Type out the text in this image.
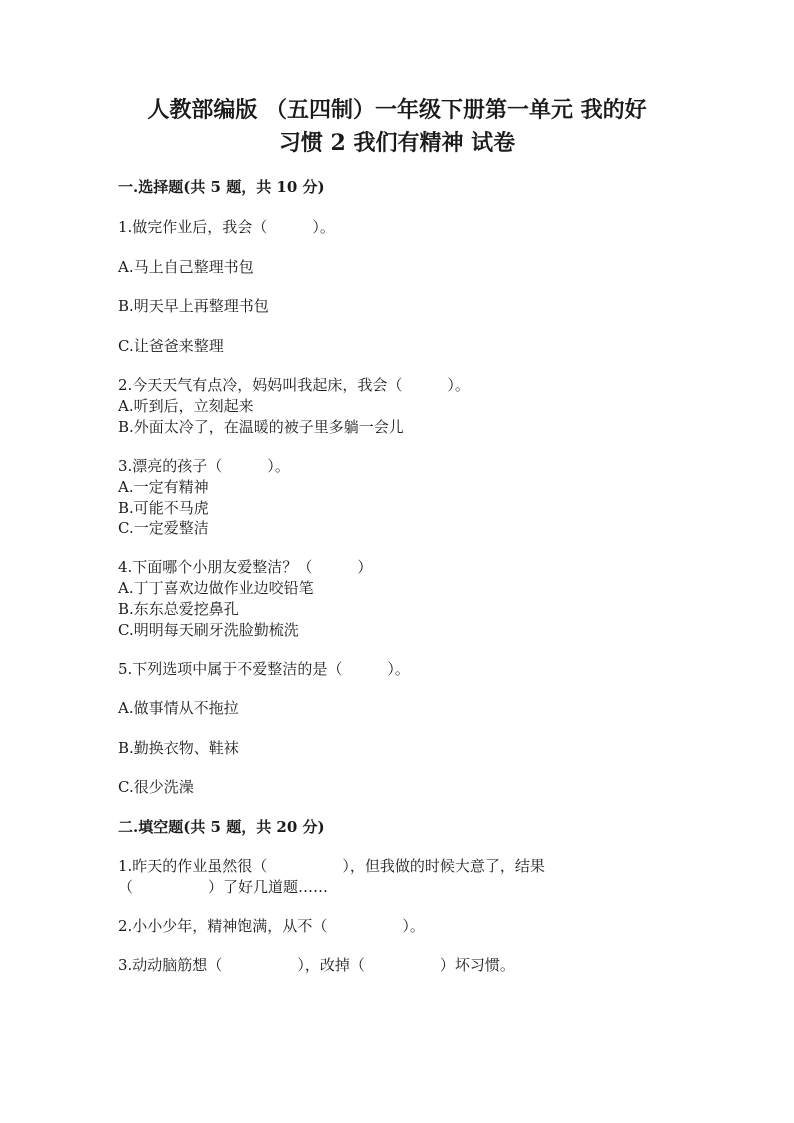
人教部编版 （五四制）一年级下册第一单元 我的好
习惯 2 我们有精神 试卷
一.选择题(共 5 题，共 10 分)
1.做完作业后，我会（　　　）。
A.马上自己整理书包
B.明天早上再整理书包
C.让爸爸来整理
2.今天天气有点冷，妈妈叫我起床，我会（　　　）。
A.听到后，立刻起来
B.外面太冷了，在温暖的被子里多躺一会儿
3.漂亮的孩子（　　　）。
A.一定有精神
B.可能不马虎
C.一定爱整洁
4.下面哪个小朋友爱整洁？（　　　）
A.丁丁喜欢边做作业边咬铅笔
B.东东总爱挖鼻孔
C.明明每天刷牙洗脸勤梳洗
5.下列选项中属于不爱整洁的是（　　　）。
A.做事情从不拖拉
B.勤换衣物、鞋袜
C.很少洗澡
二.填空题(共 5 题，共 20 分)
1.昨天的作业虽然很（　　　　　），但我做的时候大意了，结果
（　　　　　）了好几道题……
2.小小少年，精神饱满，从不（　　　　　）。
3.动动脑筋想（　　　　　），改掉（　　　　　）坏习惯。
